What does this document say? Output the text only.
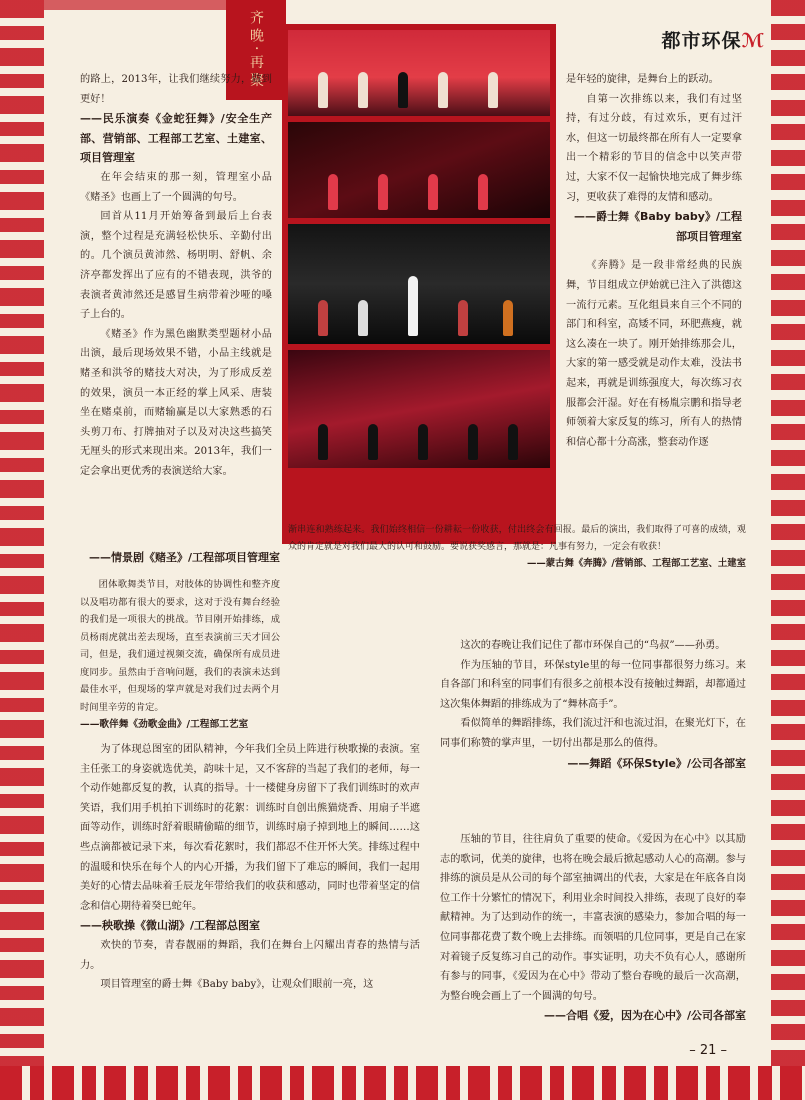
齐晚·再聚	都市环保ℳ

的路上，2013年，让我们继续努力，做到更好！

——民乐演奏《金蛇狂舞》/安全生产部、营销部、工程部工艺室、土建室、项目管理室

在年会结束的那一刻，管理室小品《赌圣》也画上了一个圆满的句号。

回首从11月开始筹备到最后上台表演，整个过程是充满轻松快乐、辛勤付出的。几个演员黄沛然、杨明明、舒帆、余济亭都发挥出了应有的不错表现，洪爷的表演者黄沛然还是感冒生病带着沙哑的嗓子上台的。

《赌圣》作为黑色幽默类型题材小品出演，最后现场效果不错，小品主线就是赌圣和洪爷的赌技大对决，为了形成反差的效果，演员一本正经的掌上风采、唐装坐在赌桌前，而赌输赢是以大家熟悉的石头剪刀布、打牌抽对子以及对决这些搞笑无厘头的形式来现出来。2013年，我们一定会拿出更优秀的表演送给大家。

是年轻的旋律，是舞台上的跃动。

自第一次排练以来，我们有过坚持，有过分歧，有过欢乐，更有过汗水，但这一切最终都在所有人一定要拿出一个精彩的节目的信念中以笑声带过，大家不仅一起愉快地完成了舞步练习，更收获了难得的友情和感动。

——爵士舞《Baby baby》/工程部项目管理室

《奔腾》是一段非常经典的民族舞，节目组成立伊始就已注入了洪德这一流行元素。互化组員来自三个不同的部门和科室，高矮不同，环肥燕瘦，就这么凑在一块了。刚开始排练那会儿，大家的第一感受就是动作太难，没法书起来，再就是训练强度大，每次练习衣服都会汗湿。好在有杨胤宗鹏和指导老师领着大家反复的练习，所有人的热情和信心都十分高涨，整套动作逐

——情景剧《赌圣》/工程部项目管理室

渐串连和熟练起来。我们始终相信一份耕耘一份收获，付出终会有回报。最后的演出，我们取得了可喜的成绩，观众的肯定就是对我们最大的认可和鼓励。要说获奖感言，那就是：凡事有努力，一定会有收获！

——蒙古舞《奔腾》/营销部、工程部工艺室、土建室

团体歌舞类节目，对肢体的协调性和整齐度以及唱功都有很大的要求，这对于没有舞台经验的我们是一项很大的挑战。节目刚开始排练，成员杨雨虎就出差去现场，直至表演前三天才回公司，但是，我们通过视频交流，确保所有成员进度同步。虽然由于音响问题，我们的表演未达到最佳水平，但现场的掌声就是对我们过去两个月时间里辛劳的肯定。

——歌伴舞《劲歌金曲》/工程部工艺室

这次的春晚让我们记住了都市环保自己的“鸟叔”——孙勇。

作为压轴的节目，环保style里的每一位同事都很努力练习。来自各部门和科室的同事们有很多之前根本没有接触过舞蹈，却都通过这次集体舞蹈的排练成为了“舞林高手”。

看似简单的舞蹈排练，我们流过汗和也流过泪，在聚光灯下，在同事们称赞的掌声里，一切付出都是那么的值得。

——舞蹈《环保Style》/公司各部室

为了体现总图室的团队精神，今年我们全员上阵进行秧歌操的表演。室主任张工的身姿就选优美，韵味十足，又不客辞的当起了我们的老师，每一个动作她都反复的教，认真的指导。十一楼健身房留下了我们训练时的欢声笑语，我们用手机拍下训练时的花絮：训练时自创出熊猫烧香、用扇子半遮面等动作，训练时舒着眼睛偷瞄的细节，训练时扇子掉到地上的瞬间……这些点滴都被记录下来，每次看花絮时，我们都忍不住开怀大笑。排练过程中的温暖和快乐在每个人的内心开播，为我们留下了难忘的瞬间，我们一起用美好的心情去品味着壬辰龙年带给我们的收获和感动，同时也带着坚定的信念和信心期待着癸巳蛇年。

——秧歌操《微山湖》/工程部总图室

欢快的节奏，青春靓丽的舞蹈，我们在舞台上闪耀出青春的热情与活力。

项目管理室的爵士舞《Baby baby》，让观众们眼前一亮，这

压轴的节目，往往肩负了重要的使命。《爱因为在心中》以其励志的歌词，优美的旋律，也将在晚会最后掀起感动人心的高潮。参与排练的演员是从公司的每个部室抽调出的代表，大家是在年底各自岗位工作十分繁忙的情况下，利用业余时间投入排练，表现了良好的奉献精神。为了达到动作的统一，丰富表演的感染力，参加合唱的每一位同事都花费了数个晚上去排练。而领唱的几位同事，更是自己在家对着镜子反复练习自己的动作。事实证明，功夫不负有心人，感谢所有参与的同事，《爱因为在心中》带动了整台春晚的最后一次高潮，为整台晚会画上了一个圆满的句号。

——合唱《爱，因为在心中》/公司各部室

– 21 –
